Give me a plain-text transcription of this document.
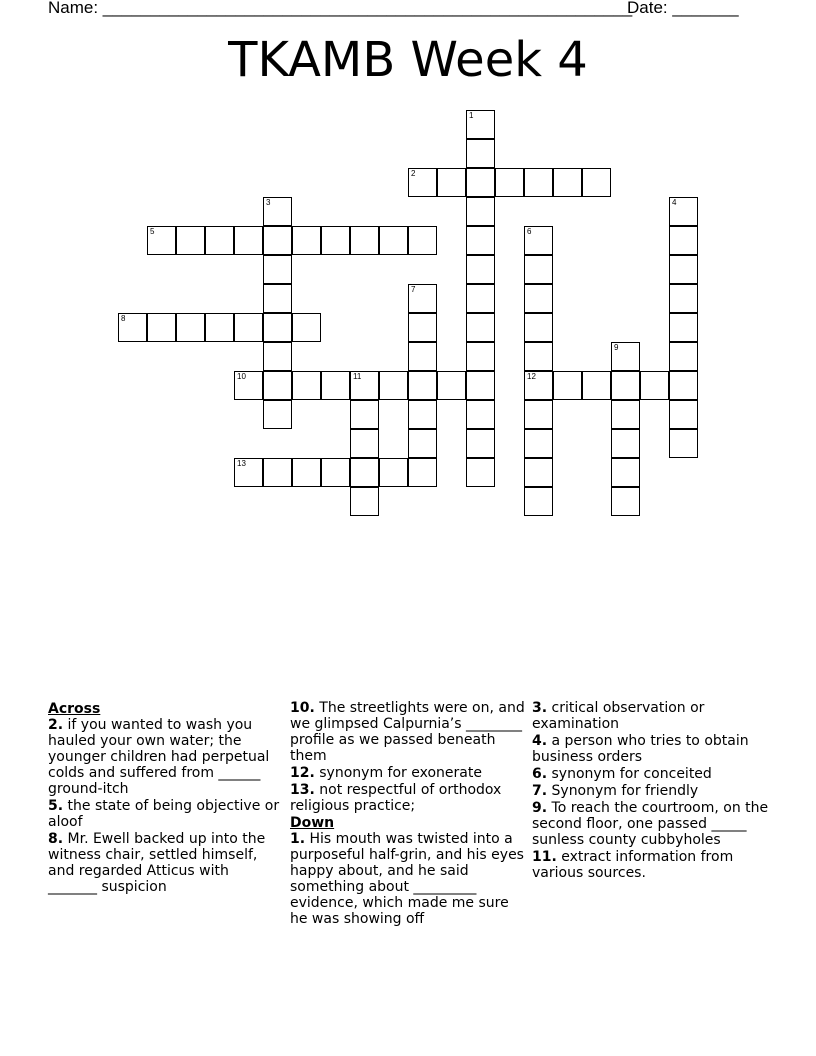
Name: ________________________________________________________
Date: _______
TKAMB Week 4
1
2
3	4
5	6
12
7
8
9
10	11
13
Across
2. if you wanted to wash you hauled your own water; the younger children had perpetual colds and suffered from ______ ground-itch
5. the state of being objective or aloof
8. Mr. Ewell backed up into the witness chair, settled himself, and regarded Atticus with _______ suspicion
10. The streetlights were on, and we glimpsed Calpurnia’s ________ profile as we passed beneath them
12. synonym for exonerate
13. not respectful of orthodox religious practice;
Down
1. His mouth was twisted into a purposeful half-grin, and his eyes happy about, and he said something about _________ evidence, which made me sure he was showing off
3. critical observation or examination
4. a person who tries to obtain business orders
6. synonym for conceited
7. Synonym for friendly
9. To reach the courtroom, on the second floor, one passed _____ sunless county cubbyholes
11. extract information from various sources.
